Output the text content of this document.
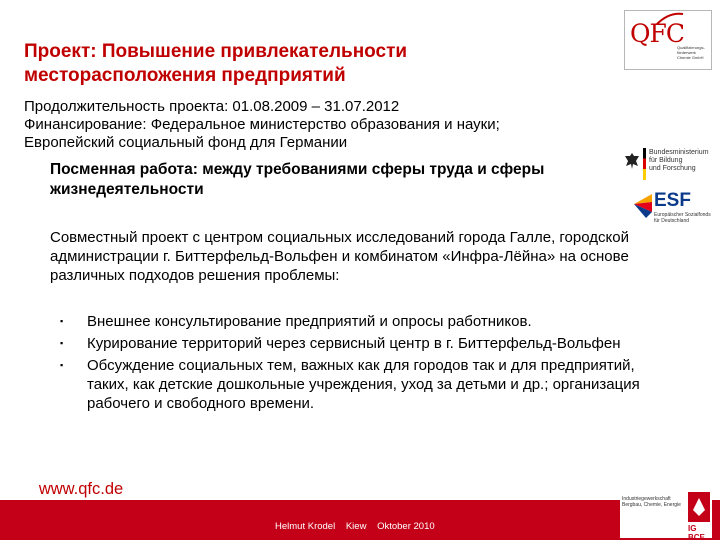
Проект: Повышение привлекательности
месторасположения предприятий
Продолжительность проекта: 01.08.2009 – 31.07.2012
Финансирование: Федеральное министерство образования и науки;
Европейский социальный фонд для Германии
Посменная работа: между требованиями сферы труда и сферы жизнедеятельности
Совместный проект с центром социальных исследований города Галле, городской администрации г. Биттерфельд-Вольфен и комбинатом «Инфра-Лёйна» на основе различных подходов решения проблемы:
▪ Внешнее консультирование предприятий и опросы работников.
▪ Курирование территорий через сервисный центр в г. Биттерфельд-Вольфен
▪ Обсуждение социальных тем, важных как для городов так и для предприятий, таких, как детские дошкольные учреждения, уход за детьми и др.; организация рабочего и свободного времени.
QFC
Qualifizierungs-
förderwerk
Chemie GmbH
Bundesministerium
für Bildung
und Forschung
ESF
Europäischer Sozialfonds
für Deutschland
www.qfc.de
Helmut Krodel Kiew Oktober 2010
Industriegewerkschaft
Bergbau, Chemie, Energie
IG BCE
